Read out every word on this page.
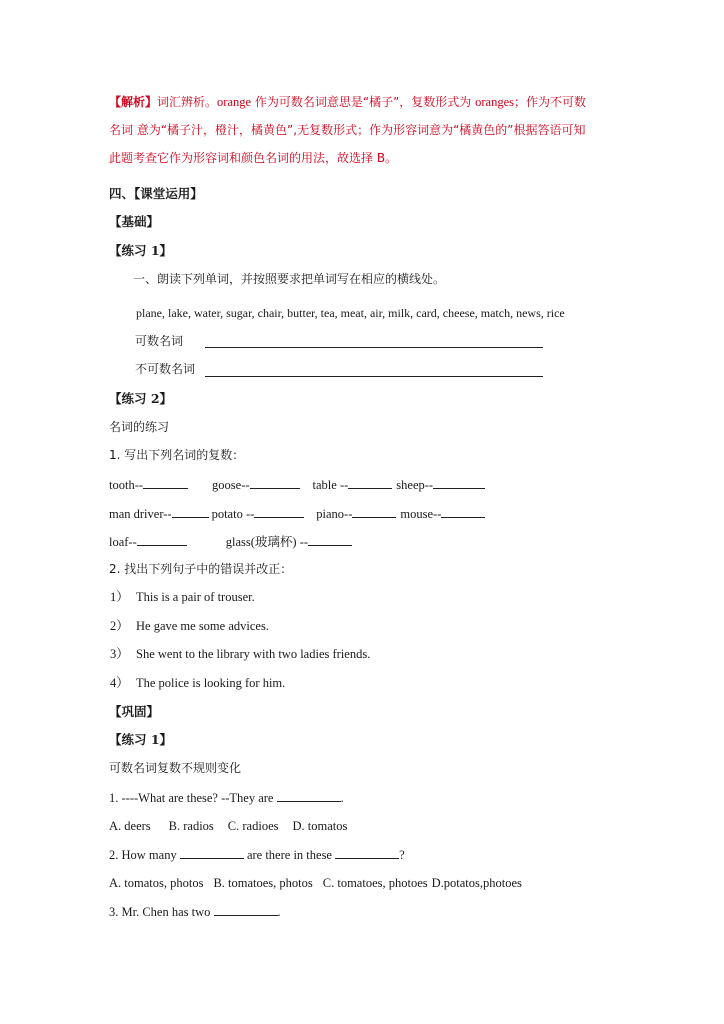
【解析】词汇辨析。orange 作为可数名词意思是“橘子”，复数形式为 oranges；作为不可数
名词 意为“橘子汁，橙汁，橘黄色”,无复数形式；作为形容词意为“橘黄色的”根据答语可知
此题考查它作为形容词和颜色名词的用法，故选择 B。
四、【课堂运用】
【基础】
【练习 1】
一、朗读下列单词，并按照要求把单词写在相应的横线处。
plane, lake, water, sugar, chair, butter, tea, meat, air, milk, card, cheese, match, news, rice
可数名词
不可数名词
【练习 2】
名词的练习
1. 写出下列名词的复数：
tooth--	goose--	table --	sheep--
man driver--	potato --	piano--	mouse--
loaf--	glass(玻璃杯) --
2. 找出下列句子中的错误并改正：
1） This is a pair of trouser.
2） He gave me some advices.
3） She went to the library with two ladies friends.
4） The police is looking for him.
【巩固】
【练习 1】
可数名词复数不规则变化
1. ----What are these? --They are	.
A. deers B. radios C. radioes D. tomatos
2. How many	are there in these	?
A. tomatos, photos B. tomatoes, photos C. tomatoes, photoes D.potatos,photoes
3. Mr. Chen has two	.
